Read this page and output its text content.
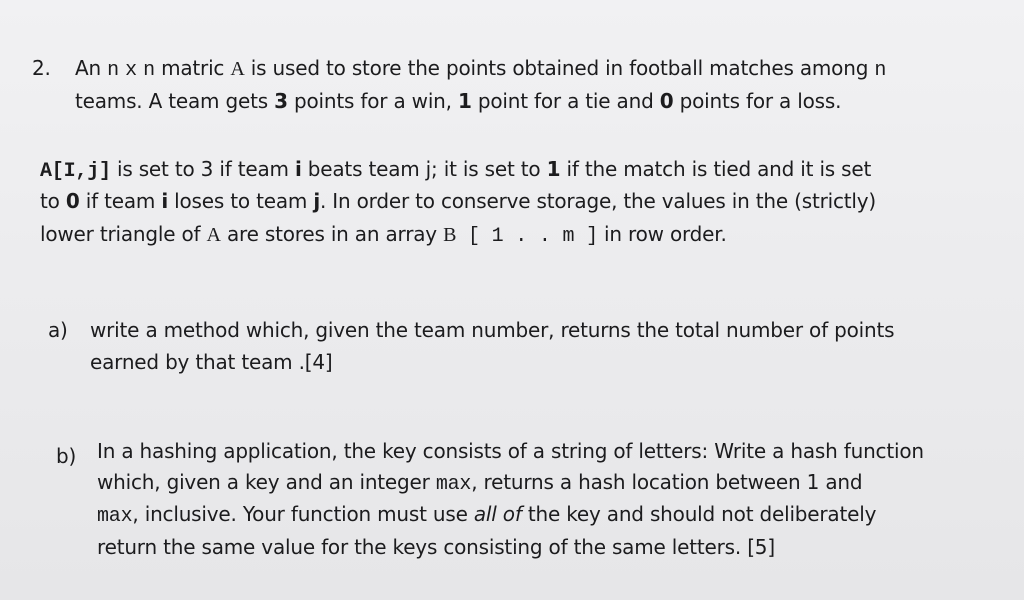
2. An n x n matric A is used to store the points obtained in football matches among n
teams. A team gets 3 points for a win, 1 point for a tie and 0 points for a loss.
A[I,j] is set to 3 if team i beats team j; it is set to 1 if the match is tied and it is set
to 0 if team i loses to team j. In order to conserve storage, the values in the (strictly)
lower triangle of A are stores in an array B [ 1 . . m ] in row order.
a) write a method which, given the team number, returns the total number of points
earned by that team .[4]
b) In a hashing application, the key consists of a string of letters: Write a hash function
which, given a key and an integer max, returns a hash location between 1 and
max, inclusive. Your function must use all of the key and should not deliberately
return the same value for the keys consisting of the same letters. [5]
